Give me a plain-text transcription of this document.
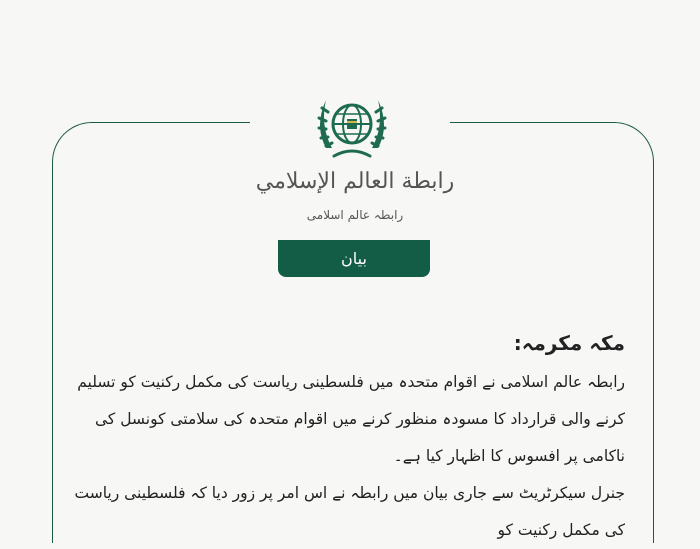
رابطة العالم الإسلامي
رابطہ عالم اسلامی
بیان
مکہ مکرمہ:

رابطہ عالم اسلامی نے اقوام متحدہ میں فلسطینی ریاست کی مکمل رکنیت کو تسلیم کرنے والی قرارداد کا مسودہ منظور کرنے میں اقوام متحدہ کی سلامتی کونسل کی ناکامی پر افسوس کا اظہار کیا ہے۔

جنرل سیکرٹریٹ سے جاری بیان میں رابطہ نے اس امر پر زور دیا کہ فلسطینی ریاست کی مکمل رکنیت کو
